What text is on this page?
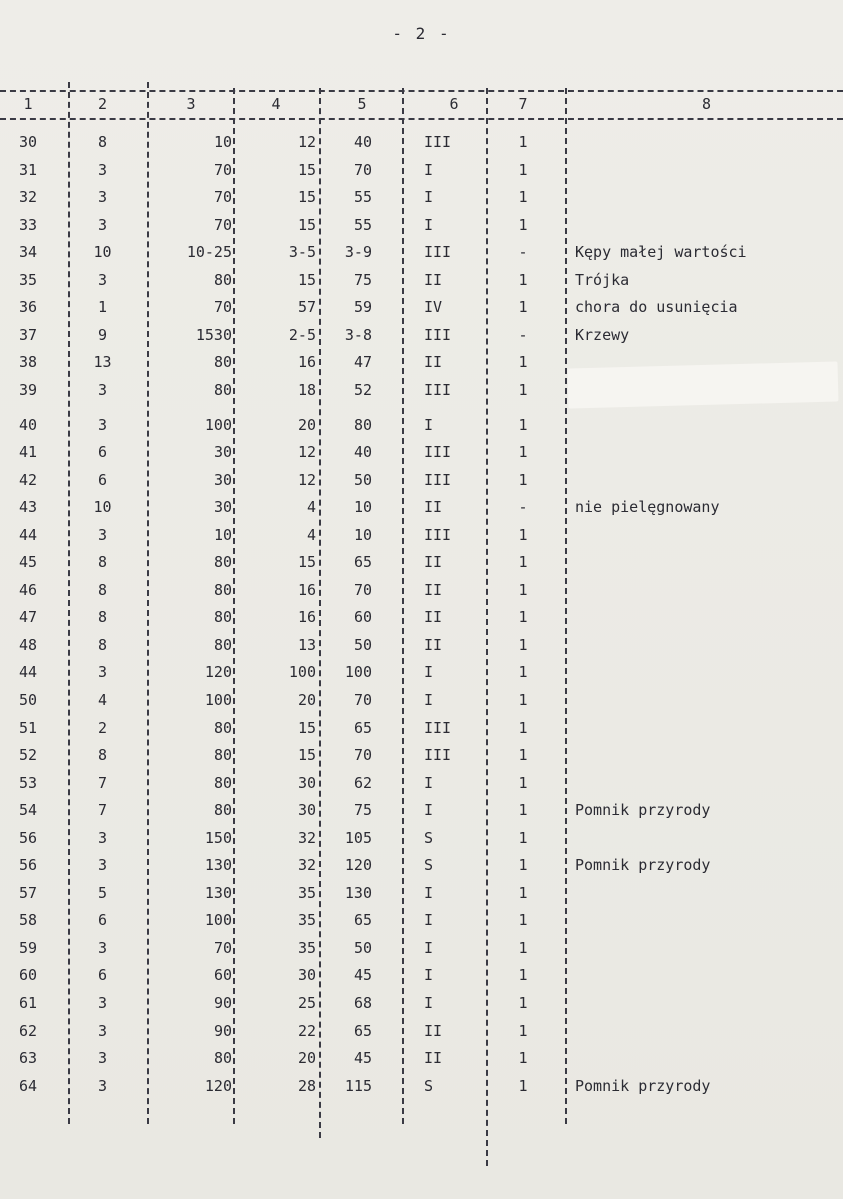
- 2 -
1	2	3	4	5	6	7	8
30	8	10	12	40	III	1
31	3	70	15	70	I	1
32	3	70	15	55	I	1
33	3	70	15	55	I	1
34	10	10-25	3-5	3-9	III	-	Kępy małej wartości
35	3	80	15	75	II	1	Trójka
36	1	70	57	59	IV	1	chora do usunięcia
37	9	1530	2-5	3-8	III	-	Krzewy
38	13	80	16	47	II	1
39	3	80	18	52	III	1
40	3	100	20	80	I	1
41	6	30	12	40	III	1
42	6	30	12	50	III	1
43	10	30	4	10	II	-	nie pielęgnowany
44	3	10	4	10	III	1
45	8	80	15	65	II	1
46	8	80	16	70	II	1
47	8	80	16	60	II	1
48	8	80	13	50	II	1
44	3	120	100	100	I	1
50	4	100	20	70	I	1
51	2	80	15	65	III	1
52	8	80	15	70	III	1
53	7	80	30	62	I	1
54	7	80	30	75	I	1	Pomnik przyrody
56	3	150	32	105	S	1
56	3	130	32	120	S	1	Pomnik przyrody
57	5	130	35	130	I	1
58	6	100	35	65	I	1
59	3	70	35	50	I	1
60	6	60	30	45	I	1
61	3	90	25	68	I	1
62	3	90	22	65	II	1
63	3	80	20	45	II	1
64	3	120	28	115	S	1	Pomnik przyrody
